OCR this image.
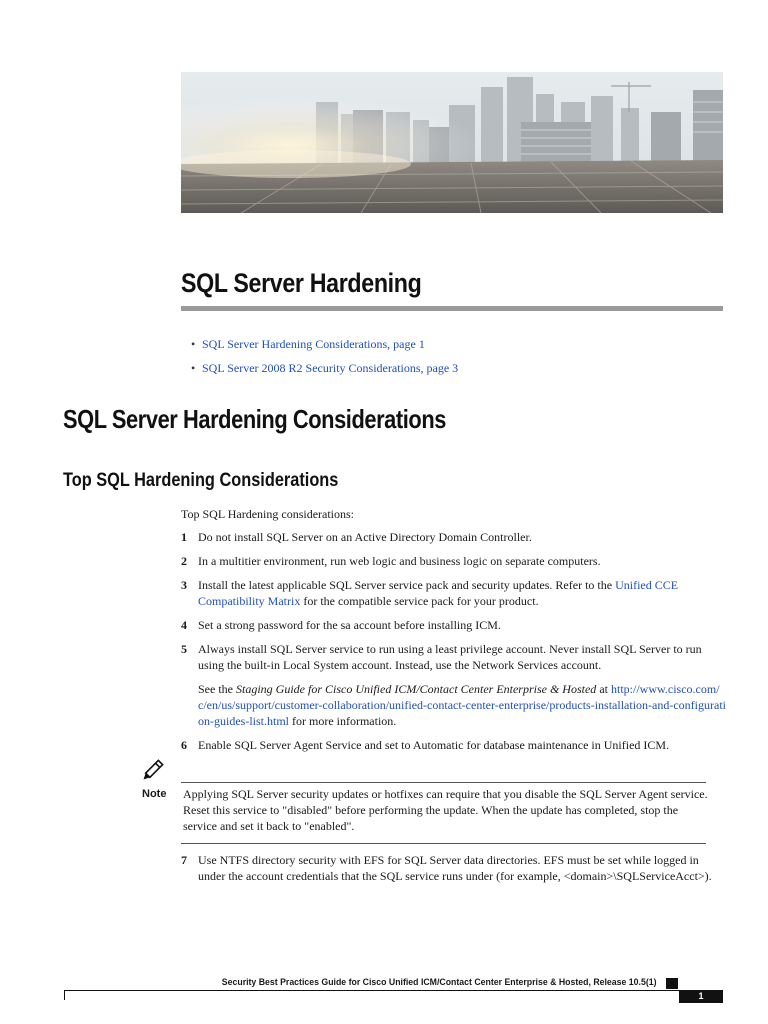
SQL Server Hardening
• SQL Server Hardening Considerations, page 1
• SQL Server 2008 R2 Security Considerations, page 3
SQL Server Hardening Considerations
Top SQL Hardening Considerations
Top SQL Hardening considerations:
1 Do not install SQL Server on an Active Directory Domain Controller.

2 In a multitier environment, run web logic and business logic on separate computers.

3 Install the latest applicable SQL Server service pack and security updates. Refer to the Unified CCE Compatibility Matrix for the compatible service pack for your product.

4 Set a strong password for the sa account before installing ICM.

5 Always install SQL Server service to run using a least privilege account. Never install SQL Server to run using the built-in Local System account. Instead, use the Network Services account.

See the Staging Guide for Cisco Unified ICM/Contact Center Enterprise & Hosted at http://www.cisco.com/c/en/us/support/customer-collaboration/unified-contact-center-enterprise/products-installation-and-configuration-guides-list.html for more information.

6 Enable SQL Server Agent Service and set to Automatic for database maintenance in Unified ICM.

Note Applying SQL Server security updates or hotfixes can require that you disable the SQL Server Agent service. Reset this service to "disabled" before performing the update. When the update has completed, stop the service and set it back to "enabled".
7 Use NTFS directory security with EFS for SQL Server data directories. EFS must be set while logged in under the account credentials that the SQL service runs under (for example, <domain>\SQLServiceAcct>).

Security Best Practices Guide for Cisco Unified ICM/Contact Center Enterprise & Hosted, Release 10.5(1)
1
